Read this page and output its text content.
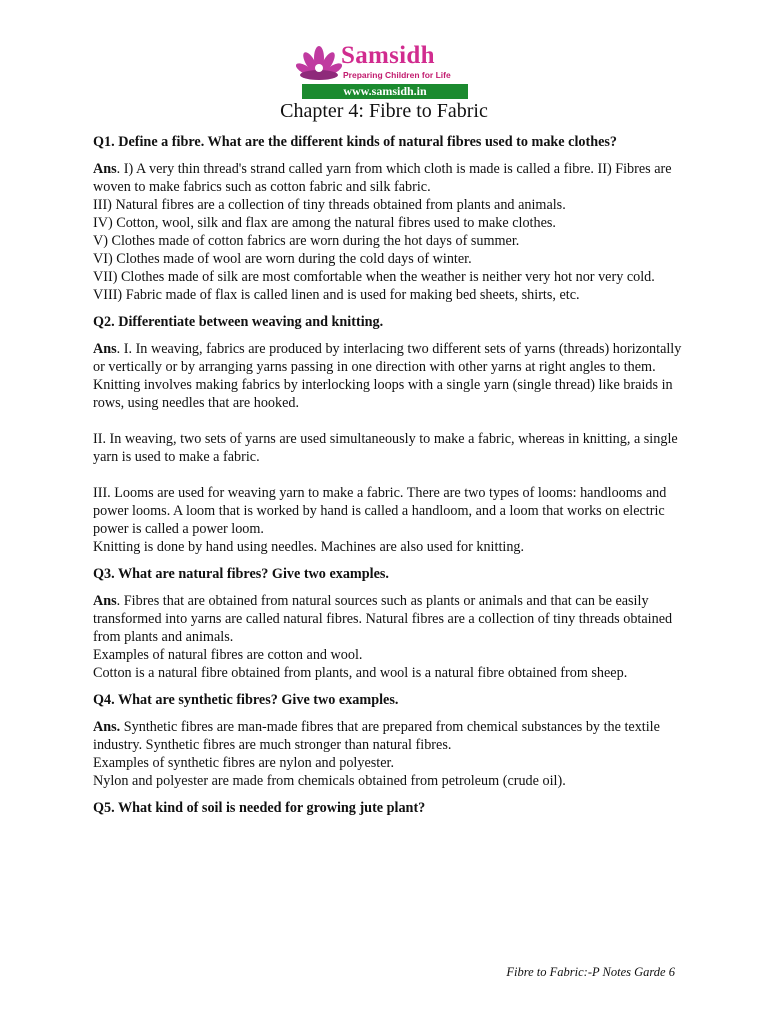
Samsidh
Preparing Children for Life
www.samsidh.in
Chapter 4: Fibre to Fabric

Q1. Define a fibre. What are the different kinds of natural fibres used to make clothes?

Ans. I) A very thin thread's strand called yarn from which cloth is made is called a fibre. II) Fibres are woven to make fabrics such as cotton fabric and silk fabric.

III) Natural fibres are a collection of tiny threads obtained from plants and animals.

IV) Cotton, wool, silk and flax are among the natural fibres used to make clothes.

V) Clothes made of cotton fabrics are worn during the hot days of summer.

VI) Clothes made of wool are worn during the cold days of winter.

VII) Clothes made of silk are most comfortable when the weather is neither very hot nor very cold.

VIII) Fabric made of flax is called linen and is used for making bed sheets, shirts, etc.

Q2. Differentiate between weaving and knitting.

Ans. I. In weaving, fabrics are produced by interlacing two different sets of yarns (threads) horizontally or vertically or by arranging yarns passing in one direction with other yarns at right angles to them.

Knitting involves making fabrics by interlocking loops with a single yarn (single thread) like braids in rows, using needles that are hooked.

II. In weaving, two sets of yarns are used simultaneously to make a fabric, whereas in knitting, a single yarn is used to make a fabric.

III. Looms are used for weaving yarn to make a fabric. There are two types of looms: handlooms and power looms. A loom that is worked by hand is called a handloom, and a loom that works on electric power is called a power loom.

Knitting is done by hand using needles. Machines are also used for knitting.

Q3. What are natural fibres? Give two examples.

Ans. Fibres that are obtained from natural sources such as plants or animals and that can be easily transformed into yarns are called natural fibres. Natural fibres are a collection of tiny threads obtained from plants and animals.

Examples of natural fibres are cotton and wool.

Cotton is a natural fibre obtained from plants, and wool is a natural fibre obtained from sheep.

Q4. What are synthetic fibres? Give two examples.

Ans. Synthetic fibres are man-made fibres that are prepared from chemical substances by the textile industry. Synthetic fibres are much stronger than natural fibres.

Examples of synthetic fibres are nylon and polyester.

Nylon and polyester are made from chemicals obtained from petroleum (crude oil).

Q5. What kind of soil is needed for growing jute plant?

Fibre to Fabric:-P Notes Garde 6
